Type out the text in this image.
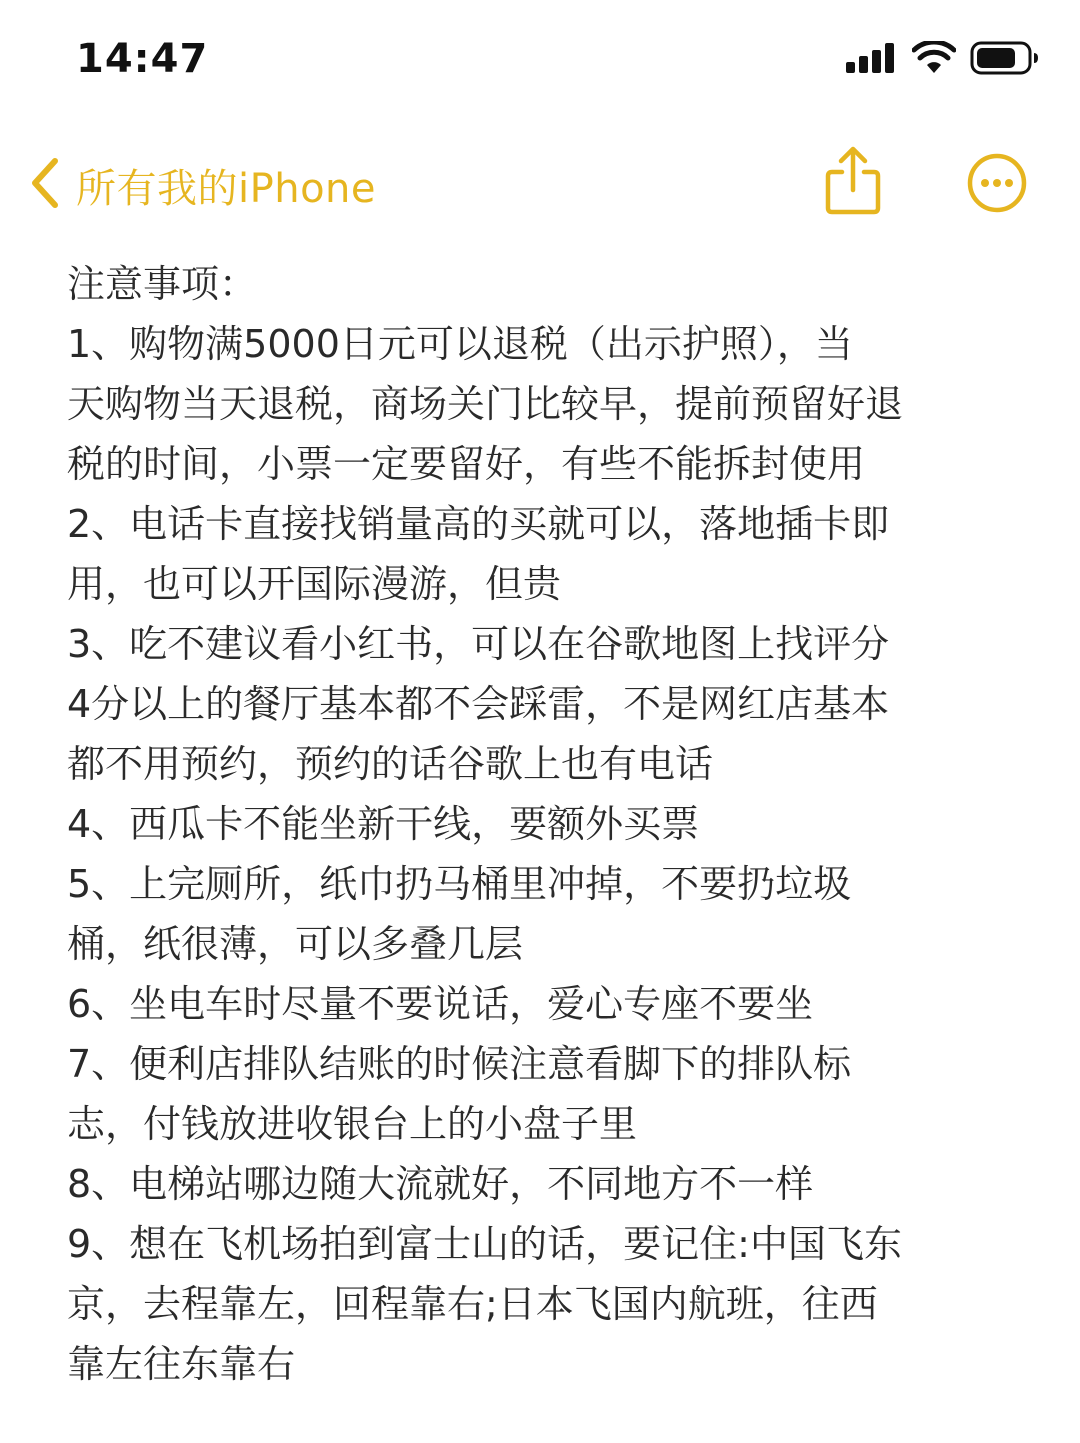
14:47
所有我的iPhone
注意事项：
1、购物满5000日元可以退税（出示护照），当
天购物当天退税，商场关门比较早，提前预留好退
税的时间，小票一定要留好，有些不能拆封使用
2、电话卡直接找销量高的买就可以，落地插卡即
用，也可以开国际漫游，但贵
3、吃不建议看小红书，可以在谷歌地图上找评分
4分以上的餐厅基本都不会踩雷，不是网红店基本
都不用预约，预约的话谷歌上也有电话
4、西瓜卡不能坐新干线，要额外买票
5、上完厕所，纸巾扔马桶里冲掉，不要扔垃圾
桶，纸很薄，可以多叠几层
6、坐电车时尽量不要说话，爱心专座不要坐
7、便利店排队结账的时候注意看脚下的排队标
志，付钱放进收银台上的小盘子里
8、电梯站哪边随大流就好，不同地方不一样
9、想在飞机场拍到富士山的话，要记住:中国飞东
京，去程靠左，回程靠右;日本飞国内航班，往西
靠左往东靠右
